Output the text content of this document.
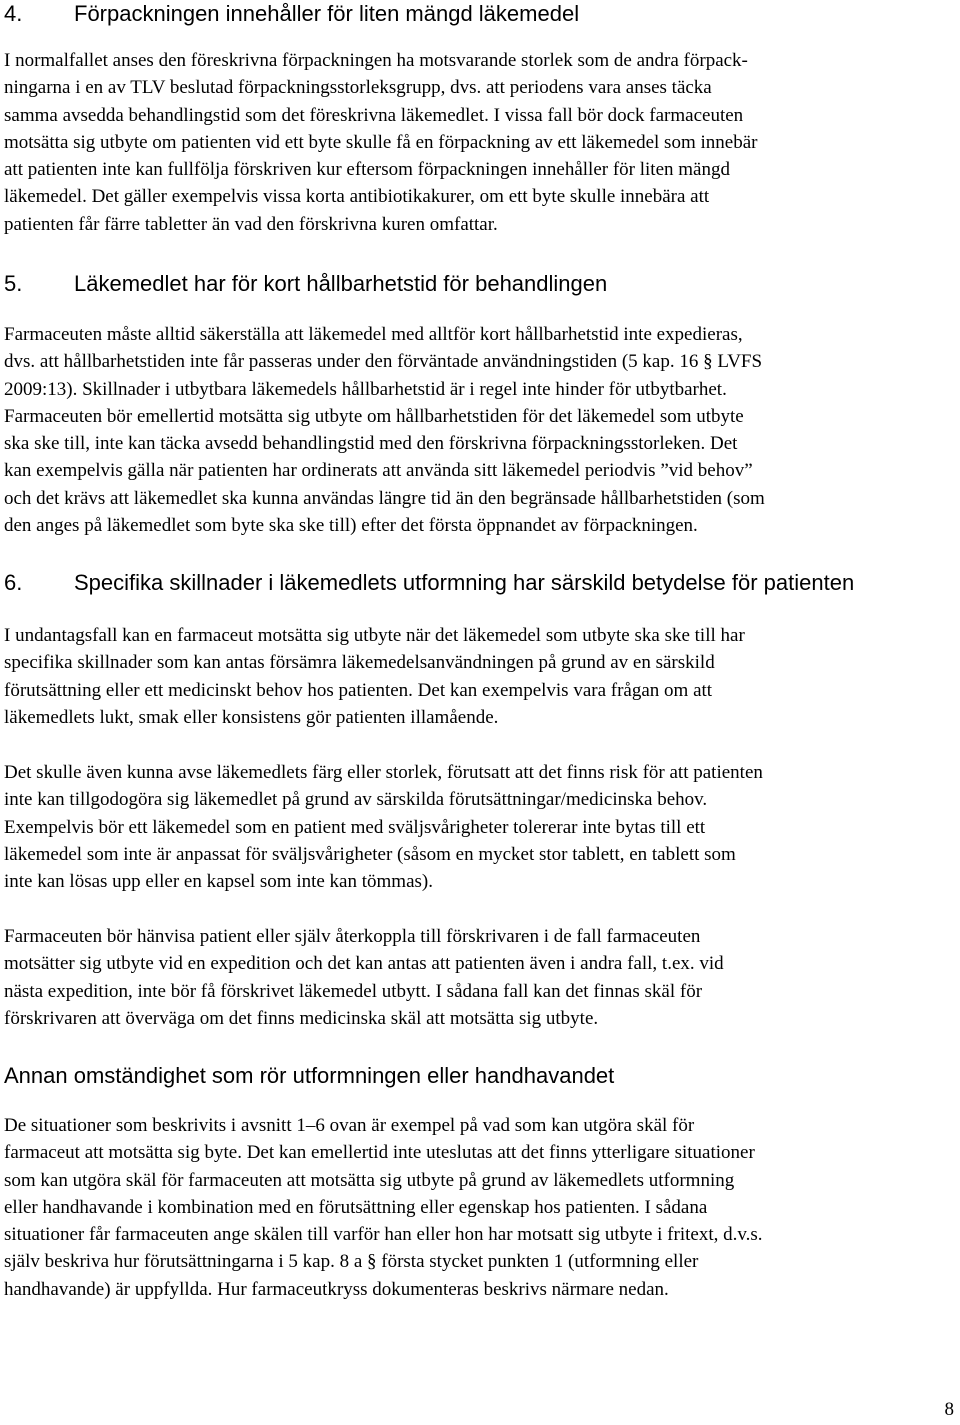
4. Förpackningen innehåller för liten mängd läkemedel

I normalfallet anses den föreskrivna förpackningen ha motsvarande storlek som de andra förpack-
ningarna i en av TLV beslutad förpackningsstorleksgrupp, dvs. att periodens vara anses täcka
samma avsedda behandlingstid som det föreskrivna läkemedlet. I vissa fall bör dock farmaceuten
motsätta sig utbyte om patienten vid ett byte skulle få en förpackning av ett läkemedel som innebär
att patienten inte kan fullfölja förskriven kur eftersom förpackningen innehåller för liten mängd
läkemedel. Det gäller exempelvis vissa korta antibiotikakurer, om ett byte skulle innebära att
patienten får färre tabletter än vad den förskrivna kuren omfattar.

5. Läkemedlet har för kort hållbarhetstid för behandlingen

Farmaceuten måste alltid säkerställa att läkemedel med alltför kort hållbarhetstid inte expedieras,
dvs. att hållbarhetstiden inte får passeras under den förväntade användningstiden (5 kap. 16 § LVFS
2009:13). Skillnader i utbytbara läkemedels hållbarhetstid är i regel inte hinder för utbytbarhet.
Farmaceuten bör emellertid motsätta sig utbyte om hållbarhetstiden för det läkemedel som utbyte
ska ske till, inte kan täcka avsedd behandlingstid med den förskrivna förpackningsstorleken. Det
kan exempelvis gälla när patienten har ordinerats att använda sitt läkemedel periodvis ”vid behov”
och det krävs att läkemedlet ska kunna användas längre tid än den begränsade hållbarhetstiden (som
den anges på läkemedlet som byte ska ske till) efter det första öppnandet av förpackningen.

6. Specifika skillnader i läkemedlets utformning har särskild betydelse för patienten

I undantagsfall kan en farmaceut motsätta sig utbyte när det läkemedel som utbyte ska ske till har
specifika skillnader som kan antas försämra läkemedelsanvändningen på grund av en särskild
förutsättning eller ett medicinskt behov hos patienten. Det kan exempelvis vara frågan om att
läkemedlets lukt, smak eller konsistens gör patienten illamående.

Det skulle även kunna avse läkemedlets färg eller storlek, förutsatt att det finns risk för att patienten
inte kan tillgodogöra sig läkemedlet på grund av särskilda förutsättningar/medicinska behov.
Exempelvis bör ett läkemedel som en patient med sväljsvårigheter tolererar inte bytas till ett
läkemedel som inte är anpassat för sväljsvårigheter (såsom en mycket stor tablett, en tablett som
inte kan lösas upp eller en kapsel som inte kan tömmas).

Farmaceuten bör hänvisa patient eller själv återkoppla till förskrivaren i de fall farmaceuten
motsätter sig utbyte vid en expedition och det kan antas att patienten även i andra fall, t.ex. vid
nästa expedition, inte bör få förskrivet läkemedel utbytt. I sådana fall kan det finnas skäl för
förskrivaren att överväga om det finns medicinska skäl att motsätta sig utbyte.

Annan omständighet som rör utformningen eller handhavandet

De situationer som beskrivits i avsnitt 1–6 ovan är exempel på vad som kan utgöra skäl för
farmaceut att motsätta sig byte. Det kan emellertid inte uteslutas att det finns ytterligare situationer
som kan utgöra skäl för farmaceuten att motsätta sig utbyte på grund av läkemedlets utformning
eller handhavande i kombination med en förutsättning eller egenskap hos patienten. I sådana
situationer får farmaceuten ange skälen till varför han eller hon har motsatt sig utbyte i fritext, d.v.s.
själv beskriva hur förutsättningarna i 5 kap. 8 a § första stycket punkten 1 (utformning eller
handhavande) är uppfyllda. Hur farmaceutkryss dokumenteras beskrivs närmare nedan.

8
